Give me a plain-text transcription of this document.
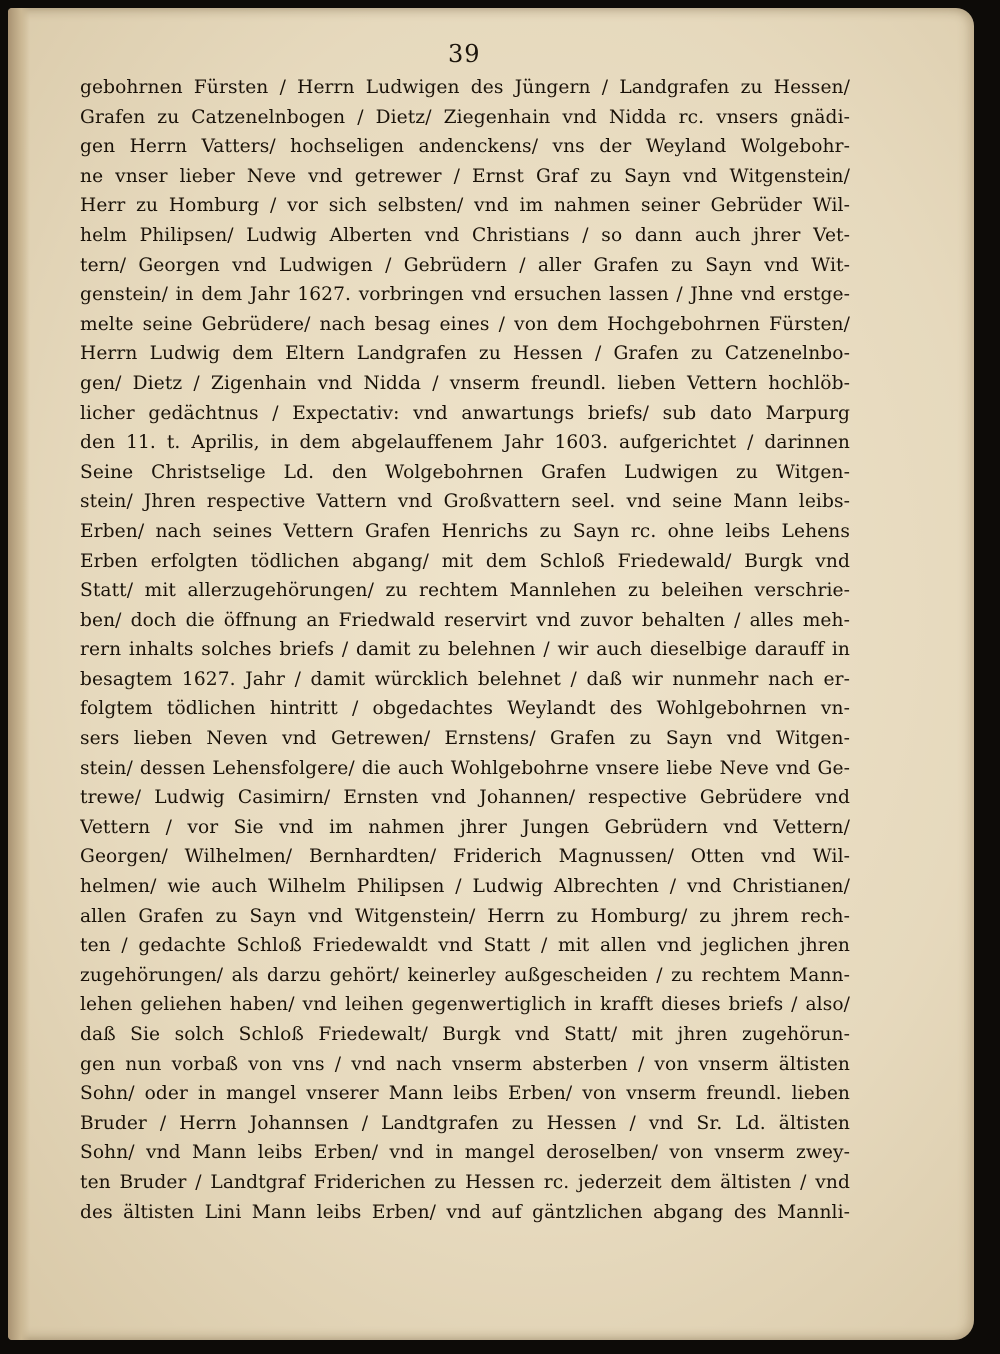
39
gebohrnen Fürsten / Herrn Ludwigen des Jüngern / Landgrafen zu Hessen/
Grafen zu Catzenelnbogen / Dietz/ Ziegenhain vnd Nidda rc. vnsers gnädi-
gen Herrn Vatters/ hochseligen andenckens/ vns der Weyland Wolgebohr-
ne vnser lieber Neve vnd getrewer / Ernst Graf zu Sayn vnd Witgenstein/
Herr zu Homburg / vor sich selbsten/ vnd im nahmen seiner Gebrüder Wil-
helm Philipsen/ Ludwig Alberten vnd Christians / so dann auch jhrer Vet-
tern/ Georgen vnd Ludwigen / Gebrüdern / aller Grafen zu Sayn vnd Wit-
genstein/ in dem Jahr 1627. vorbringen vnd ersuchen lassen / Jhne vnd erstge-
melte seine Gebrüdere/ nach besag eines / von dem Hochgebohrnen Fürsten/
Herrn Ludwig dem Eltern Landgrafen zu Hessen / Grafen zu Catzenelnbo-
gen/ Dietz / Zigenhain vnd Nidda / vnserm freundl. lieben Vettern hochlöb-
licher gedächtnus / Expectativ: vnd anwartungs briefs/ sub dato Marpurg
den 11. t. Aprilis, in dem abgelauffenem Jahr 1603. aufgerichtet / darinnen
Seine Christselige Ld. den Wolgebohrnen Grafen Ludwigen zu Witgen-
stein/ Jhren respective Vattern vnd Großvattern seel. vnd seine Mann leibs-
Erben/ nach seines Vettern Grafen Henrichs zu Sayn rc. ohne leibs Lehens
Erben erfolgten tödlichen abgang/ mit dem Schloß Friedewald/ Burgk vnd
Statt/ mit allerzugehörungen/ zu rechtem Mannlehen zu beleihen verschrie-
ben/ doch die öffnung an Friedwald reservirt vnd zuvor behalten / alles meh-
rern inhalts solches briefs / damit zu belehnen / wir auch dieselbige darauff in
besagtem 1627. Jahr / damit würcklich belehnet / daß wir nunmehr nach er-
folgtem tödlichen hintritt / obgedachtes Weylandt des Wohlgebohrnen vn-
sers lieben Neven vnd Getrewen/ Ernstens/ Grafen zu Sayn vnd Witgen-
stein/ dessen Lehensfolgere/ die auch Wohlgebohrne vnsere liebe Neve vnd Ge-
trewe/ Ludwig Casimirn/ Ernsten vnd Johannen/ respective Gebrüdere vnd
Vettern / vor Sie vnd im nahmen jhrer Jungen Gebrüdern vnd Vettern/
Georgen/ Wilhelmen/ Bernhardten/ Friderich Magnussen/ Otten vnd Wil-
helmen/ wie auch Wilhelm Philipsen / Ludwig Albrechten / vnd Christianen/
allen Grafen zu Sayn vnd Witgenstein/ Herrn zu Homburg/ zu jhrem rech-
ten / gedachte Schloß Friedewaldt vnd Statt / mit allen vnd jeglichen jhren
zugehörungen/ als darzu gehört/ keinerley außgescheiden / zu rechtem Mann-
lehen geliehen haben/ vnd leihen gegenwertiglich in krafft dieses briefs / also/
daß Sie solch Schloß Friedewalt/ Burgk vnd Statt/ mit jhren zugehörun-
gen nun vorbaß von vns / vnd nach vnserm absterben / von vnserm ältisten
Sohn/ oder in mangel vnserer Mann leibs Erben/ von vnserm freundl. lieben
Bruder / Herrn Johannsen / Landtgrafen zu Hessen / vnd Sr. Ld. ältisten
Sohn/ vnd Mann leibs Erben/ vnd in mangel deroselben/ von vnserm zwey-
ten Bruder / Landtgraf Friderichen zu Hessen rc. jederzeit dem ältisten / vnd
des ältisten Lini Mann leibs Erben/ vnd auf gäntzlichen abgang des Mannli-
